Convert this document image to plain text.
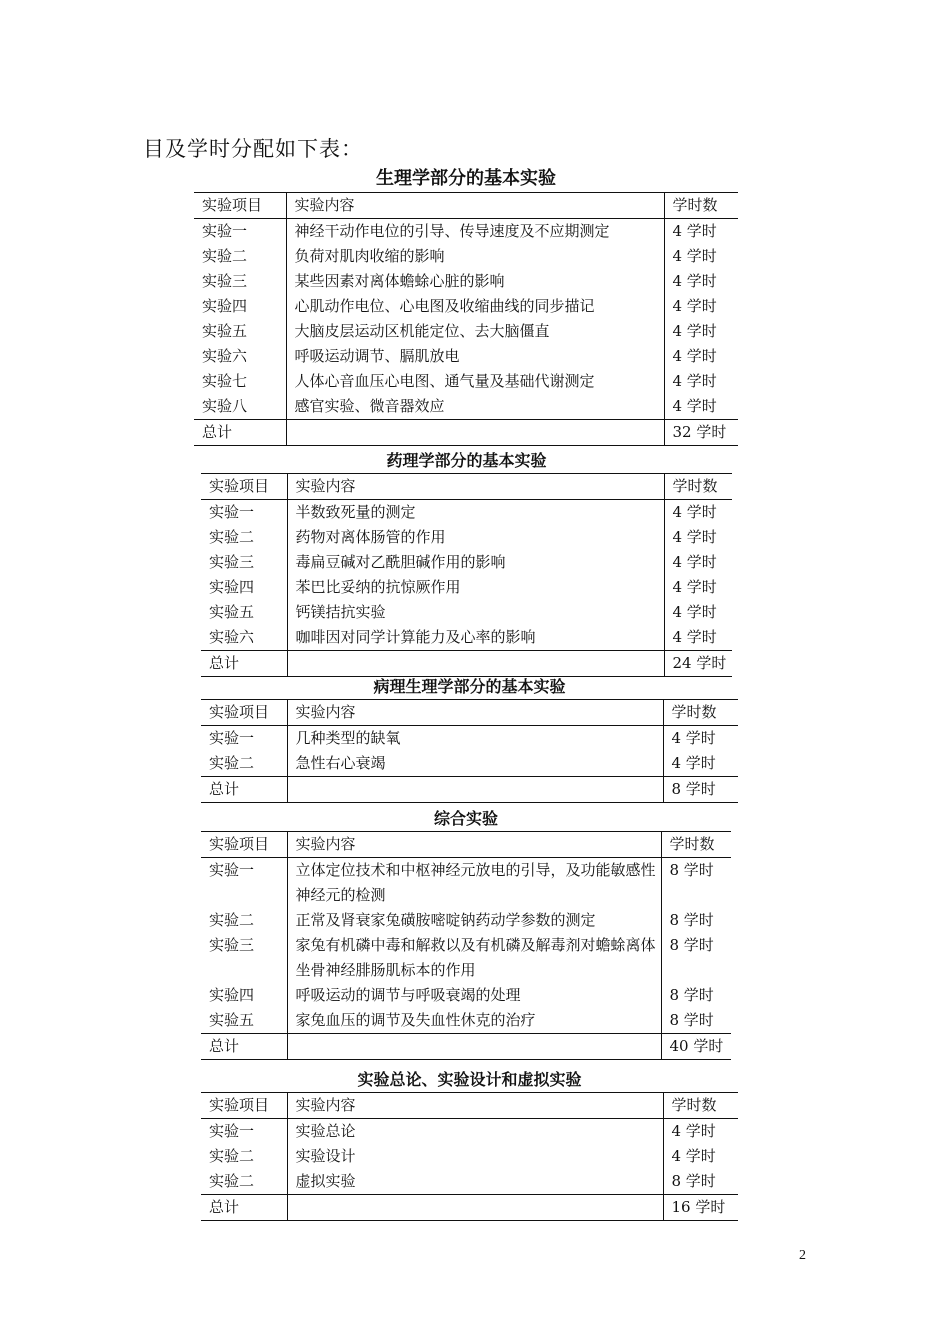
目及学时分配如下表：
生理学部分的基本实验
实验项目	实验内容	学时数
实验一	神经干动作电位的引导、传导速度及不应期测定	4 学时
实验二	负荷对肌肉收缩的影响	4 学时
实验三	某些因素对离体蟾蜍心脏的影响	4 学时
实验四	心肌动作电位、心电图及收缩曲线的同步描记	4 学时
实验五	大脑皮层运动区机能定位、去大脑僵直	4 学时
实验六	呼吸运动调节、膈肌放电	4 学时
实验七	人体心音血压心电图、通气量及基础代谢测定	4 学时
实验八	感官实验、微音器效应	4 学时
总计		32 学时
药理学部分的基本实验
实验项目	实验内容	学时数
实验一	半数致死量的测定	4 学时
实验二	药物对离体肠管的作用	4 学时
实验三	毒扁豆碱对乙酰胆碱作用的影响	4 学时
实验四	苯巴比妥纳的抗惊厥作用	4 学时
实验五	钙镁拮抗实验	4 学时
实验六	咖啡因对同学计算能力及心率的影响	4 学时
总计		24 学时
病理生理学部分的基本实验
实验项目	实验内容	学时数
实验一	几种类型的缺氧	4 学时
实验二	急性右心衰竭	4 学时
总计		8 学时
综合实验
实验项目	实验内容	学时数
实验一	立体定位技术和中枢神经元放电的引导，及功能敏感性神经元的检测	8 学时
实验二	正常及肾衰家兔磺胺嘧啶钠药动学参数的测定	8 学时
实验三	家兔有机磷中毒和解救以及有机磷及解毒剂对蟾蜍离体坐骨神经腓肠肌标本的作用	8 学时
实验四	呼吸运动的调节与呼吸衰竭的处理	8 学时
实验五	家兔血压的调节及失血性休克的治疗	8 学时
总计		40 学时
实验总论、实验设计和虚拟实验
实验项目	实验内容	学时数
实验一	实验总论	4 学时
实验二	实验设计	4 学时
实验二	虚拟实验	8 学时
总计		16 学时
2
